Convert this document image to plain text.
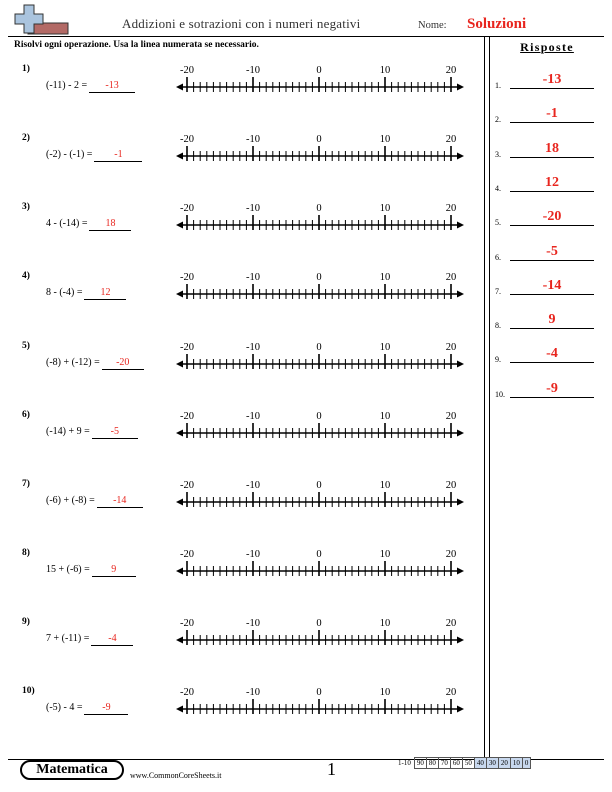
Addizioni e sotrazioni con i numeri negativi	Nome: Soluzioni
Risolvi ogni operazione. Usa la linea numerata se necessario.	Risposte
1)
(-11) - 2 = -13
-20	-10	0	10	20
2)
(-2) - (-1) = -1
-20	-10	0	10	20
3)
4 - (-14) = 18
-20	-10	0	10	20
4)
8 - (-4) = 12
-20	-10	0	10	20
5)
(-8) + (-12) = -20
-20	-10	0	10	20
6)
(-14) + 9 = -5
-20	-10	0	10	20
7)
(-6) + (-8) = -14
-20	-10	0	10	20
8)
15 + (-6) = 9
-20	-10	0	10	20
9)
7 + (-11) = -4
-20	-10	0	10	20
10)
(-5) - 4 = -9
-20	-10	0	10	20
1.	-13
2.	-1
3.	18
4.	12
5.	-20
6.	-5
7.	-14
8.	9
9.	-4
10.	-9
Matematica	www.CommonCoreSheets.it	1	1-10	90	80	70	60	50	40	30	20	10	0
